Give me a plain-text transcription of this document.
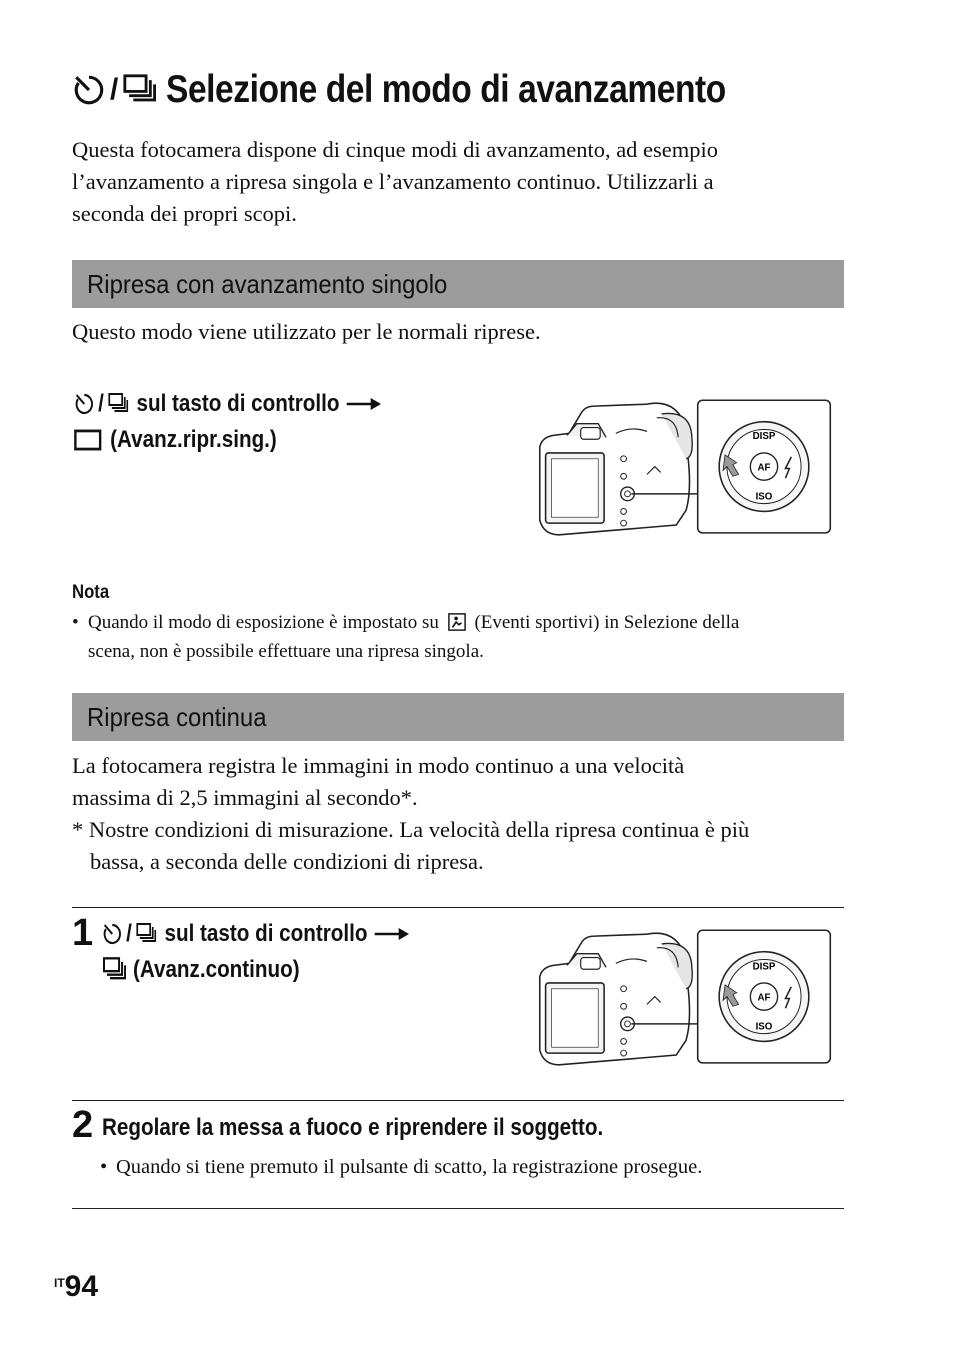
/ Selezione del modo di avanzamento
Questa fotocamera dispone di cinque modi di avanzamento, ad esempio
l’avanzamento a ripresa singola e l’avanzamento continuo. Utilizzarli a
seconda dei propri scopi.
Ripresa con avanzamento singolo
Questo modo viene utilizzato per le normali riprese.
/ sul tasto di controllo
(Avanz.ripr.sing.)	DISP
AF
ISO
Nota
• Quando il modo di esposizione è impostato su (Eventi sportivi) in Selezione della
scena, non è possibile effettuare una ripresa singola.
Ripresa continua
La fotocamera registra le immagini in modo continuo a una velocità
massima di 2,5 immagini al secondo*.
* Nostre condizioni di misurazione. La velocità della ripresa continua è più
bassa, a seconda delle condizioni di ripresa.
1 / sul tasto di controllo
(Avanz.continuo)	DISP
AF
ISO
2 Regolare la messa a fuoco e riprendere il soggetto.
• Quando si tiene premuto il pulsante di scatto, la registrazione prosegue.
$^{IT}$94
